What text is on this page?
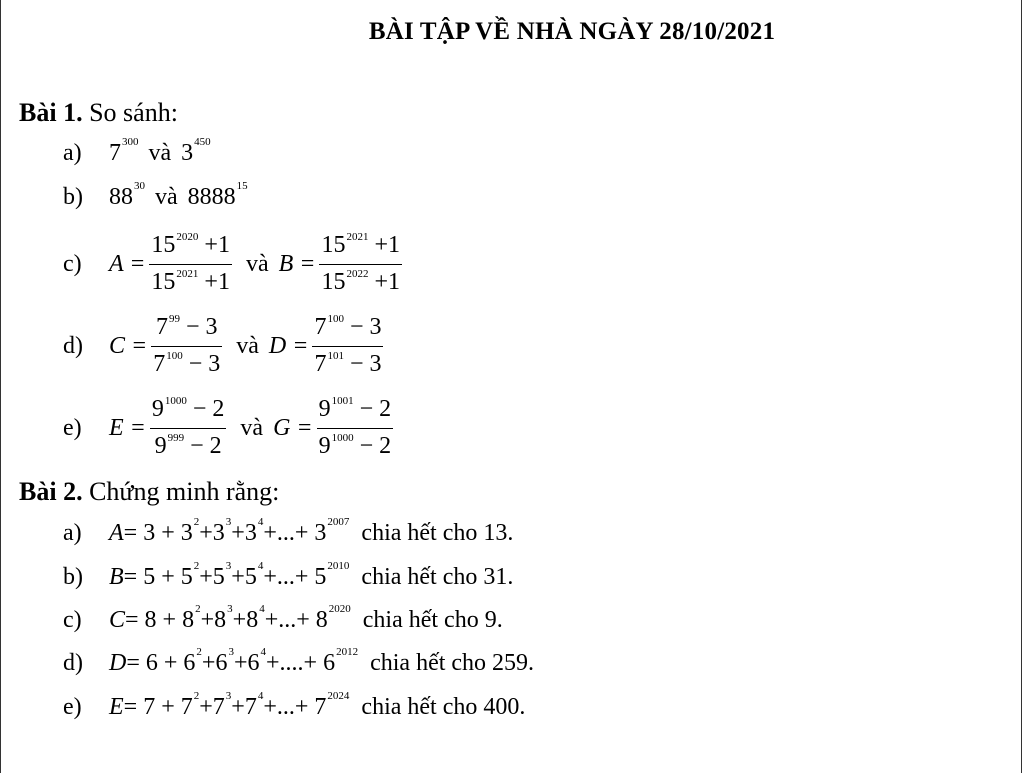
BÀI TẬP VỀ NHÀ NGÀY 28/10/2021
Bài 1. So sánh:
a)	$7^{300}$ và $3^{450}$
b)	$88^{30}$ và 8888$^{15}$
c)	$A = \frac{15^{2020} +1}{15^{2021} +1}$ và $B = \frac{15^{2021} +1}{15^{2022} +1}$
d)	$C = \frac{7^{99} - 3}{7^{100} - 3}$ và $D = \frac{7^{100} - 3}{7^{101} - 3}$
e)	$E = \frac{9^{1000} - 2}{9^{999} - 2}$ và $G = \frac{9^{1001} - 2}{9^{1000} - 2}$
Bài 2. Chứng minh rằng:
a)	$A = 3 + 3^2 + 3^3 + 3^4$ +...+ $3^{2007}$ chia hết cho 13.
b)	$B = 5 + 5^2 + 5^3 + 5^4$ +...+ $5^{2010}$ chia hết cho 31.
c)	$C = 8 + 8^2 + 8^3 + 8^4$ +...+ $8^{2020}$ chia hết cho 9.
d)	$D = 6 + 6^2 + 6^3 + 6^4$ +....+ $6^{2012}$ chia hết cho 259.
e)	$E = 7 + 7^2 + 7^3 + 7^4$ +...+ $7^{2024}$ chia hết cho 400.
